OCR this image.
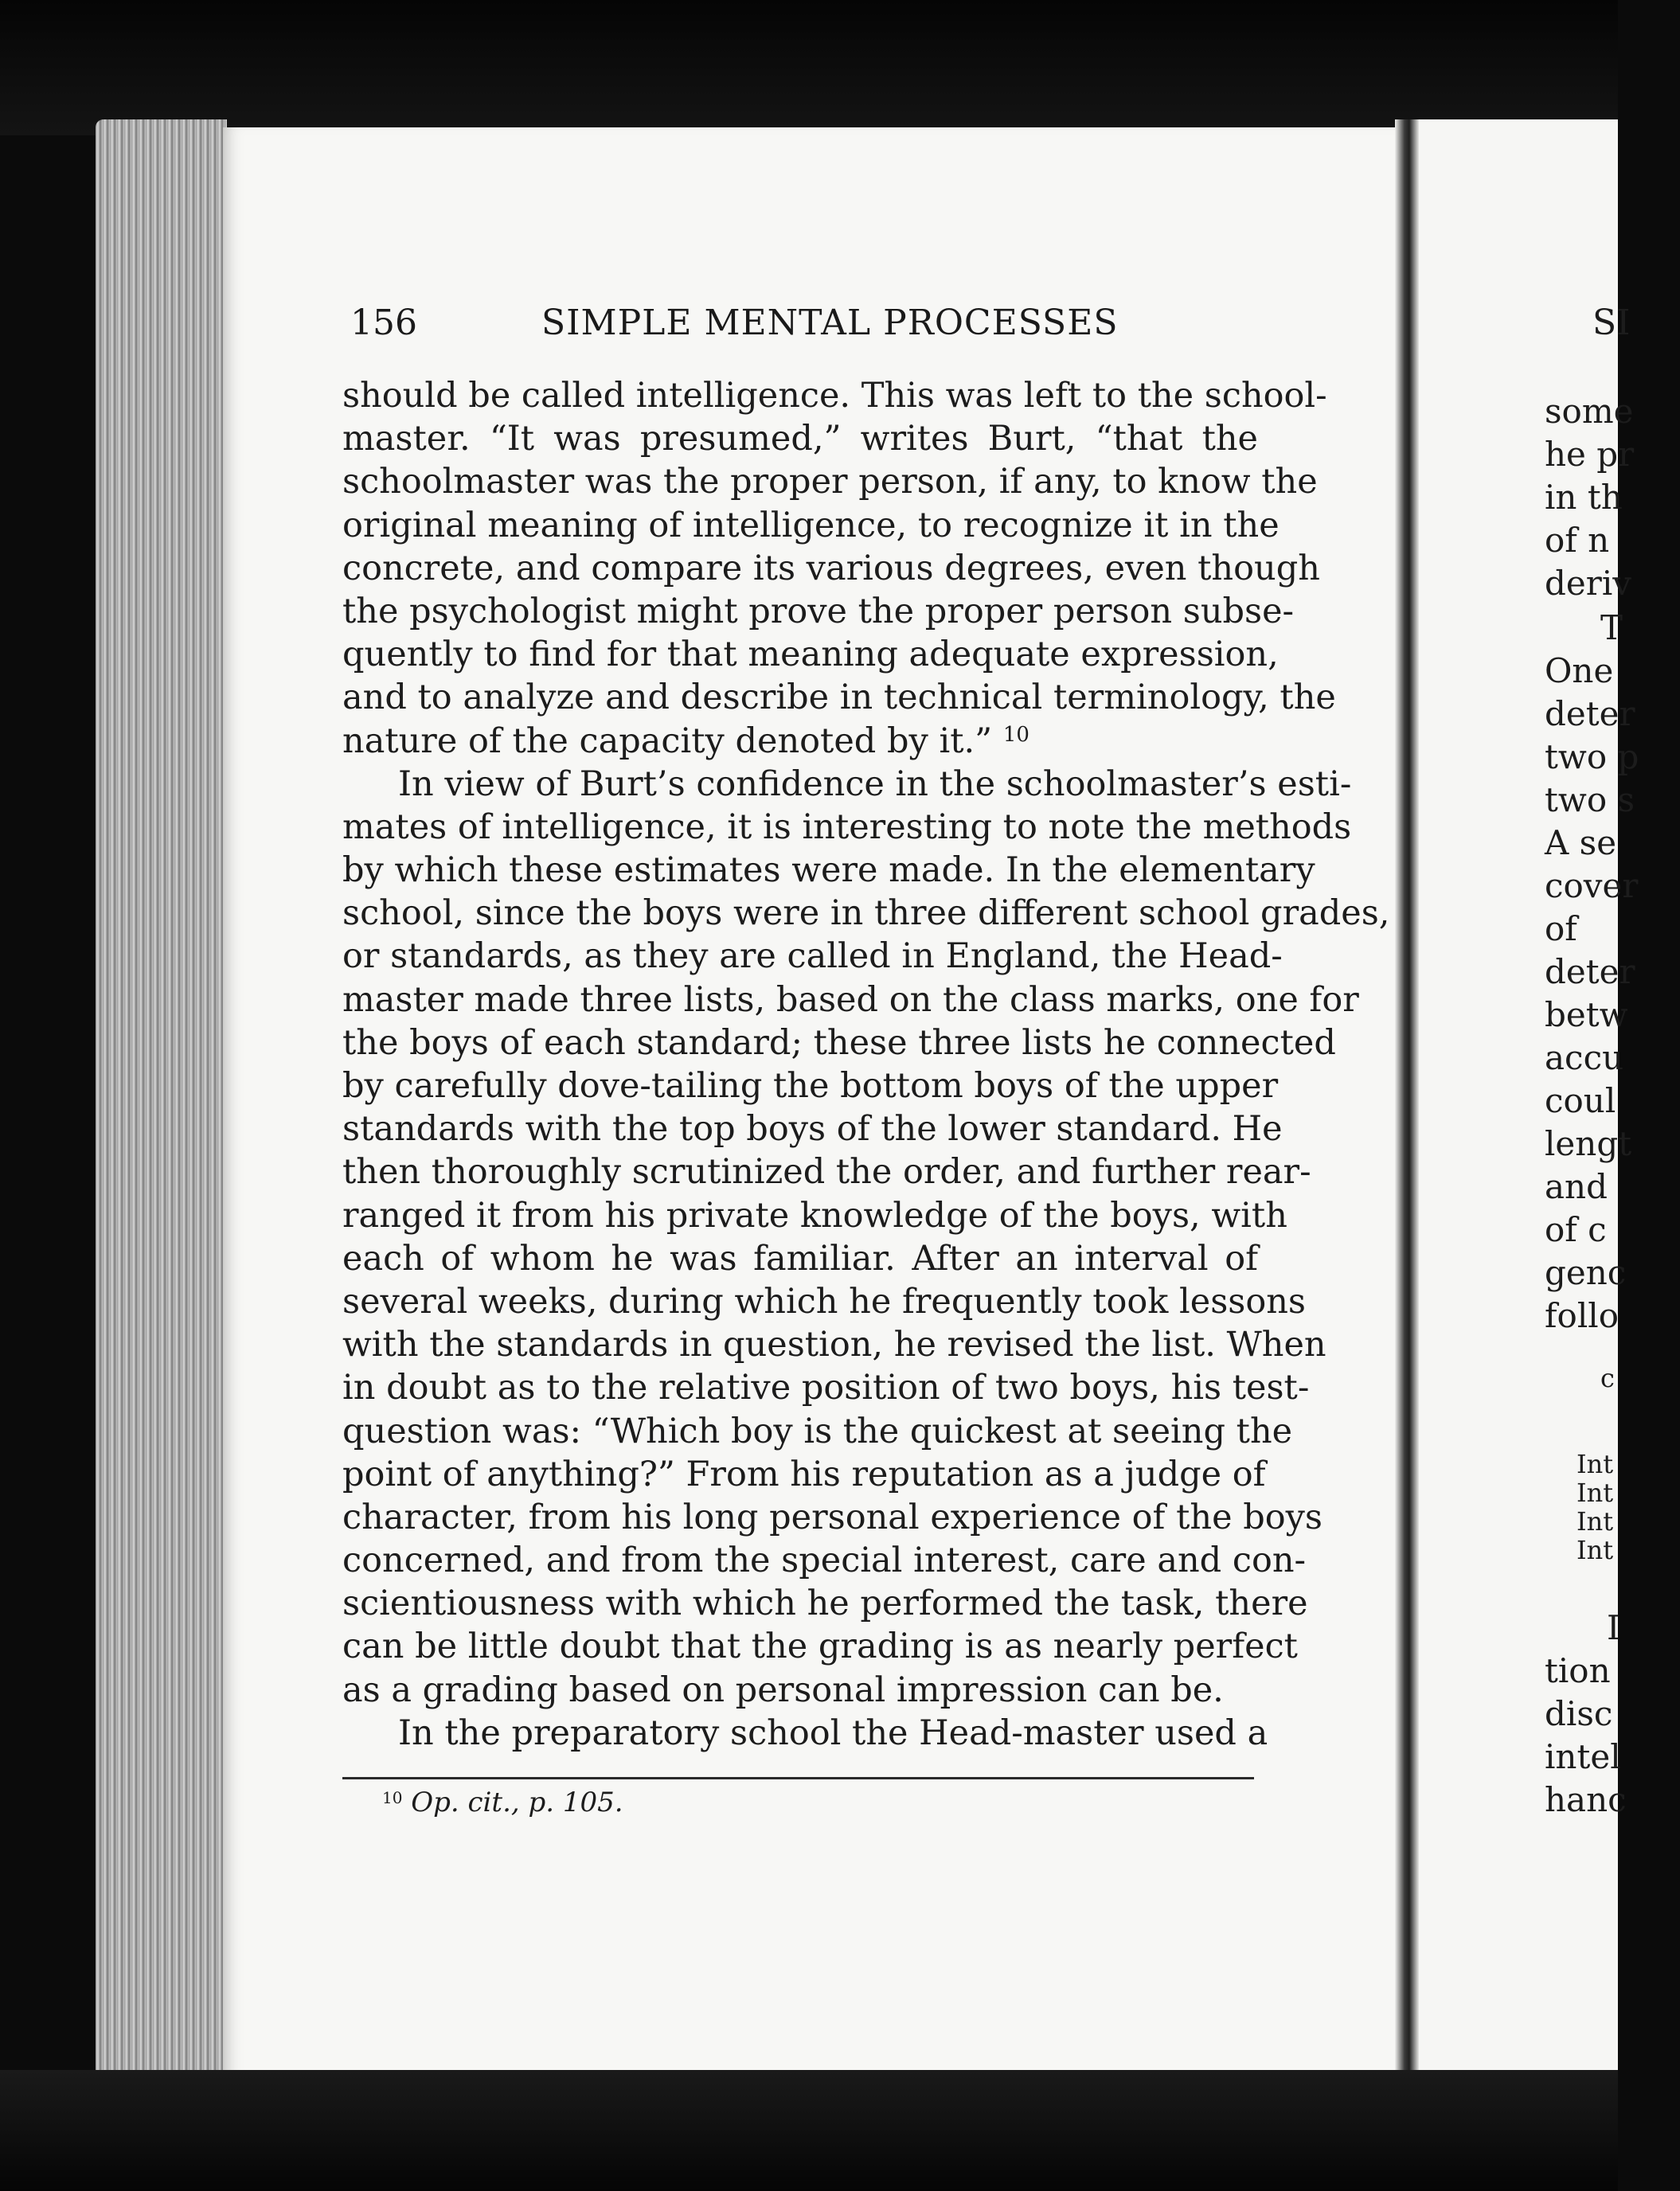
156	SIMPLE MENTAL PROCESSES
should be called intelligence. This was left to the school-
master. “It was presumed,” writes Burt, “that the
schoolmaster was the proper person, if any, to know the
original meaning of intelligence, to recognize it in the
concrete, and compare its various degrees, even though
the psychologist might prove the proper person subse-
quently to find for that meaning adequate expression,
and to analyze and describe in technical terminology, the
nature of the capacity denoted by it.” $^{10}$
In view of Burt’s confidence in the schoolmaster’s esti-
mates of intelligence, it is interesting to note the methods
by which these estimates were made. In the elementary
school, since the boys were in three different school grades,
or standards, as they are called in England, the Head-
master made three lists, based on the class marks, one for
the boys of each standard; these three lists he connected
by carefully dove-tailing the bottom boys of the upper
standards with the top boys of the lower standard. He
then thoroughly scrutinized the order, and further rear-
ranged it from his private knowledge of the boys, with
each of whom he was familiar. After an interval of
several weeks, during which he frequently took lessons
with the standards in question, he revised the list. When
in doubt as to the relative position of two boys, his test-
question was: “Which boy is the quickest at seeing the
point of anything?” From his reputation as a judge of
character, from his long personal experience of the boys
concerned, and from the special interest, care and con-
scientiousness with which he performed the task, there
can be little doubt that the grading is as nearly perfect
as a grading based on personal impression can be.
In the preparatory school the Head-master used a
$^{10}$ Op. cit., p. 105.
SI
some
he pr
in th
of n
deriv
T
One
deter
two p
two s
A se
cover
of
deter
betw
accu
coul
lengt
and
of c
genc
follo
c
Int
Int
Int
Int
I
tion
disc
intel
hanc
